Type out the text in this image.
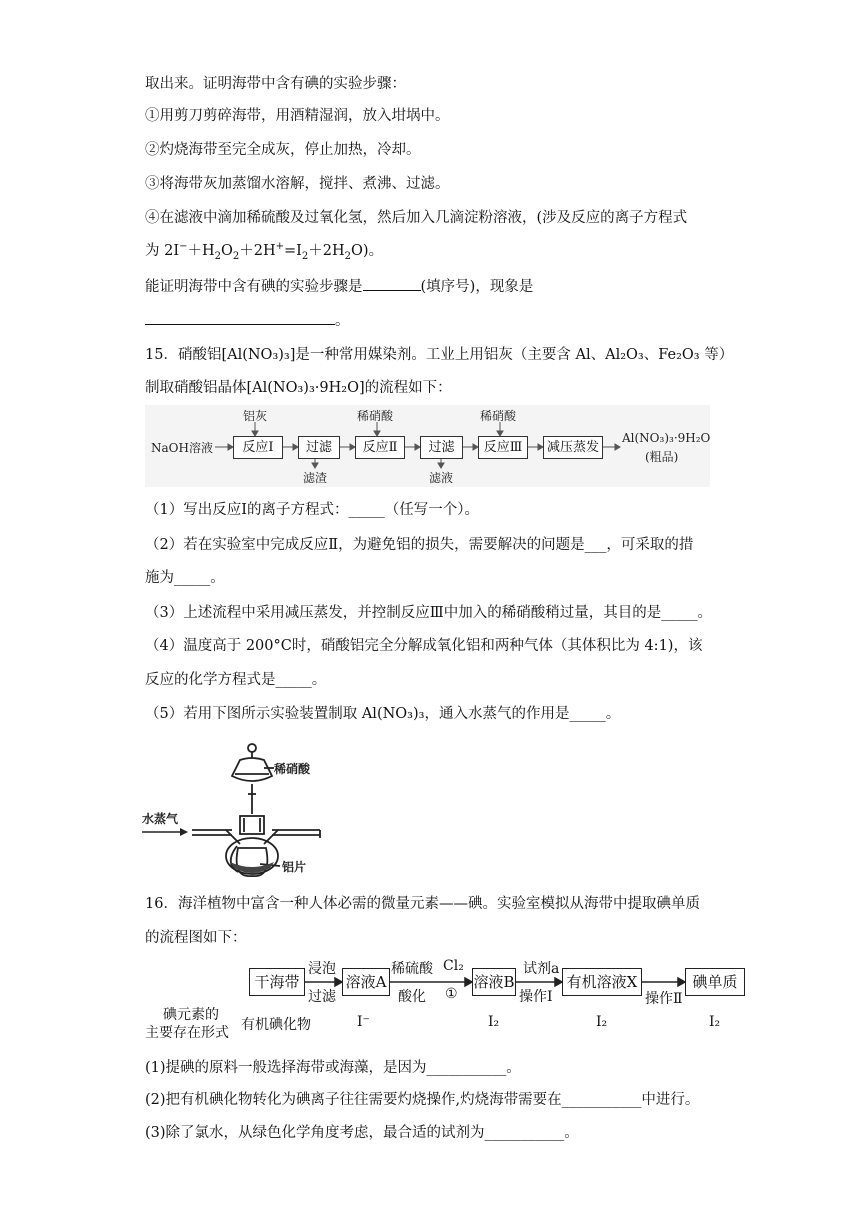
取出来。证明海带中含有碘的实验步骤：
①用剪刀剪碎海带，用酒精湿润，放入坩埚中。
②灼烧海带至完全成灰，停止加热，冷却。
③将海带灰加蒸馏水溶解，搅拌、煮沸、过滤。
④在滤液中滴加稀硫酸及过氧化氢，然后加入几滴淀粉溶液，(涉及反应的离子方程式
为 $2I^-+H_2O_2+2H^+=I_2+2H_2O$)。
能证明海带中含有碘的实验步骤是	(填序号)，现象是
。
15．硝酸铝[Al(NO₃)₃]是一种常用媒染剂。工业上用铝灰（主要含 Al、Al₂O₃、Fe₂O₃ 等）
制取硝酸铝晶体[Al(NO₃)₃·9H₂O]的流程如下：
NaOH溶液	反应Ⅰ	过滤	反应Ⅱ	过滤	反应Ⅲ	减压蒸发
铝灰	稀硝酸	稀硝酸
滤渣	滤液
Al(NO₃)₃·9H₂O
(粗品)
（1）写出反应Ⅰ的离子方程式：_____（任写一个）。
（2）若在实验室中完成反应Ⅱ，为避免铝的损失，需要解决的问题是___，可采取的措
施为_____。
（3）上述流程中采用减压蒸发，并控制反应Ⅲ中加入的稀硝酸稍过量，其目的是_____。
（4）温度高于 200°C时，硝酸铝完全分解成氧化铝和两种气体（其体积比为 4:1)，该
反应的化学方程式是_____。
（5）若用下图所示实验装置制取 Al(NO₃)₃，通入水蒸气的作用是_____。
稀硝酸
水蒸气
铝片
16．海洋植物中富含一种人体必需的微量元素——碘。实验室模拟从海带中提取碘单质
的流程图如下：
干海带	溶液A	溶液B	有机溶液X	碘单质
浸泡
过滤
稀硫酸
酸化
Cl₂
①
试剂a
操作Ⅰ	操作Ⅱ
碘元素的
主要存在形式 有机碘化物	I⁻	I₂	I₂	I₂
(1)提碘的原料一般选择海带或海藻，是因为___________。
(2)把有机碘化物转化为碘离子往往需要灼烧操作,灼烧海带需要在___________中进行。
(3)除了氯水，从绿色化学角度考虑，最合适的试剂为___________。
